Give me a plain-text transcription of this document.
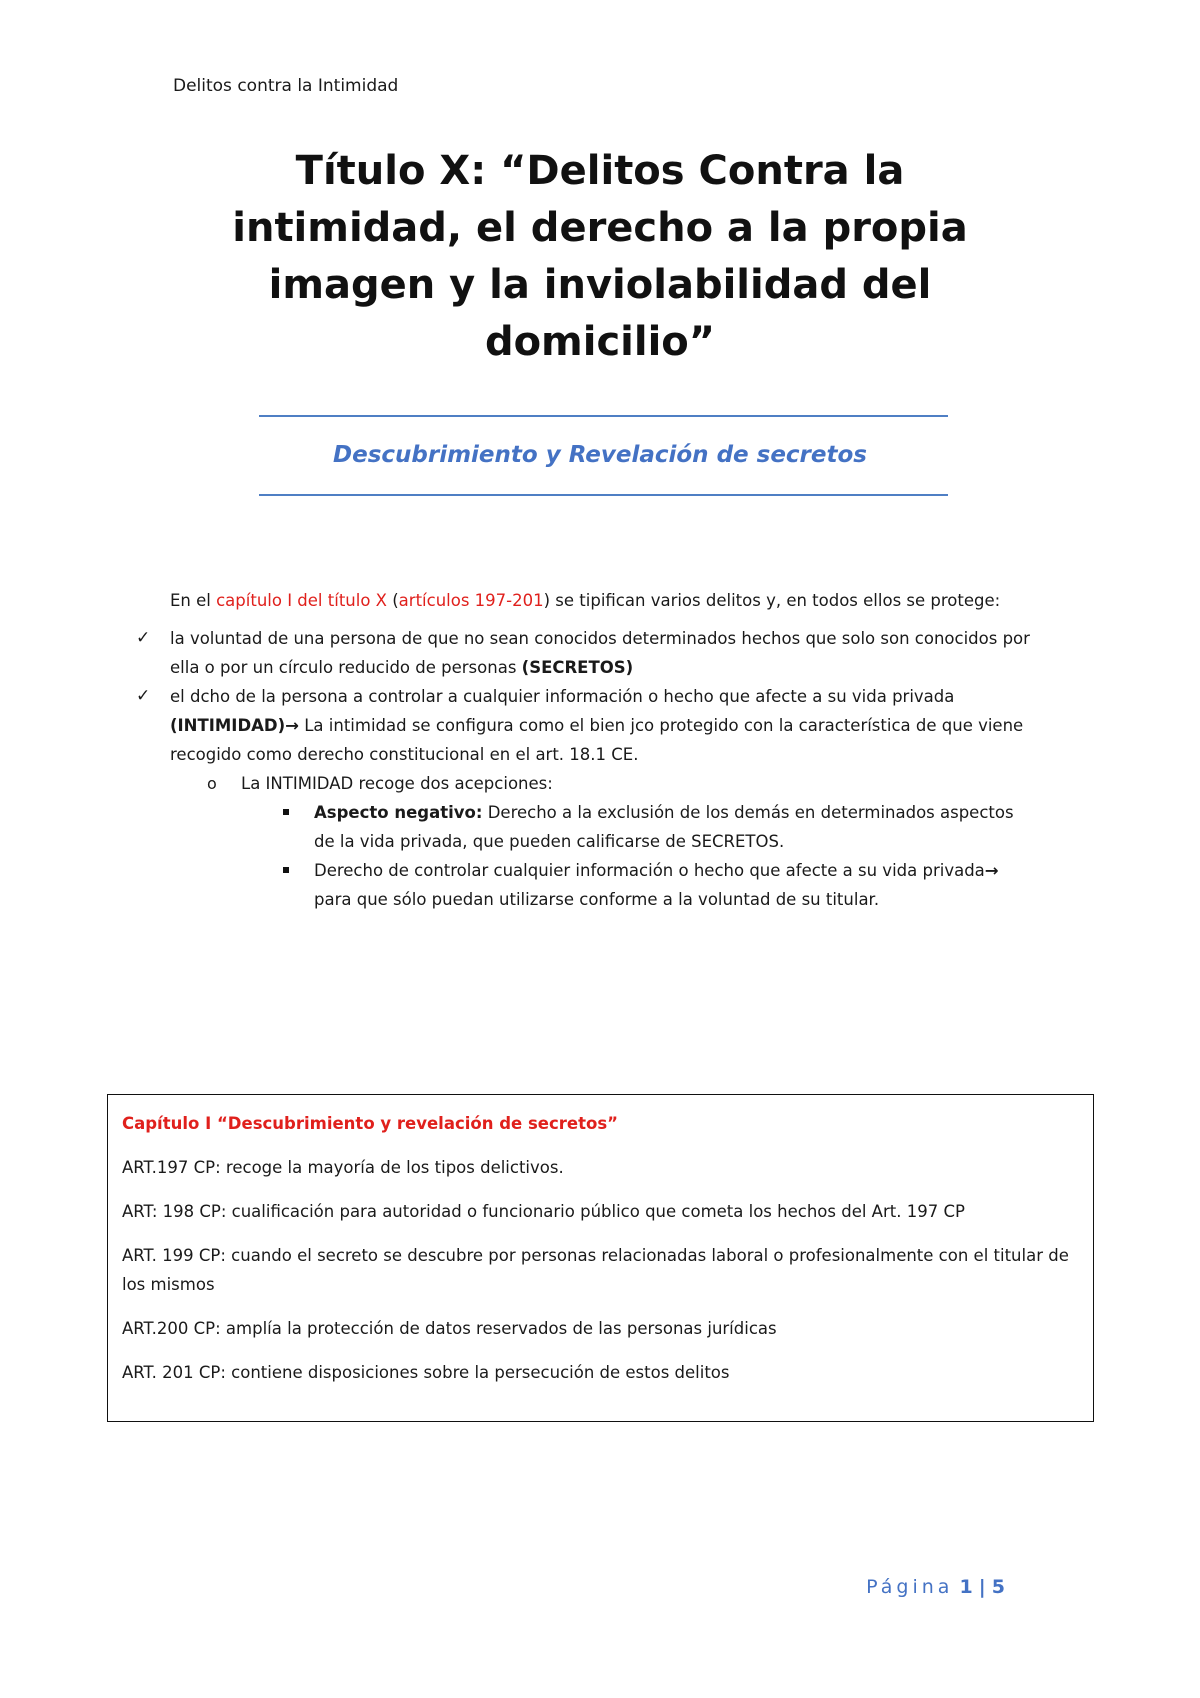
Delitos contra la Intimidad
Título X: “Delitos Contra la
intimidad, el derecho a la propia
imagen y la inviolabilidad del
domicilio”
Descubrimiento y Revelación de secretos

En el capítulo I del título X (artículos 197-201) se tipifican varios delitos y, en todos ellos se protege:

✓ la voluntad de una persona de que no sean conocidos determinados hechos que solo son conocidos por ella o por un círculo reducido de personas (SECRETOS)
✓ el dcho de la persona a controlar a cualquier información o hecho que afecte a su vida privada (INTIMIDAD)→ La intimidad se configura como el bien jco protegido con la característica de que viene recogido como derecho constitucional en el art. 18.1 CE.
o La INTIMIDAD recoge dos acepciones:
Aspecto negativo: Derecho a la exclusión de los demás en determinados aspectos de la vida privada, que pueden calificarse de SECRETOS.
Derecho de controlar cualquier información o hecho que afecte a su vida privada→ para que sólo puedan utilizarse conforme a la voluntad de su titular.

Capítulo I “Descubrimiento y revelación de secretos”

ART.197 CP: recoge la mayoría de los tipos delictivos.

ART: 198 CP: cualificación para autoridad o funcionario público que cometa los hechos del Art. 197 CP

ART. 199 CP: cuando el secreto se descubre por personas relacionadas laboral o profesionalmente con el titular de los mismos

ART.200 CP: amplía la protección de datos reservados de las personas jurídicas

ART. 201 CP: contiene disposiciones sobre la persecución de estos delitos

Página 1 | 5
